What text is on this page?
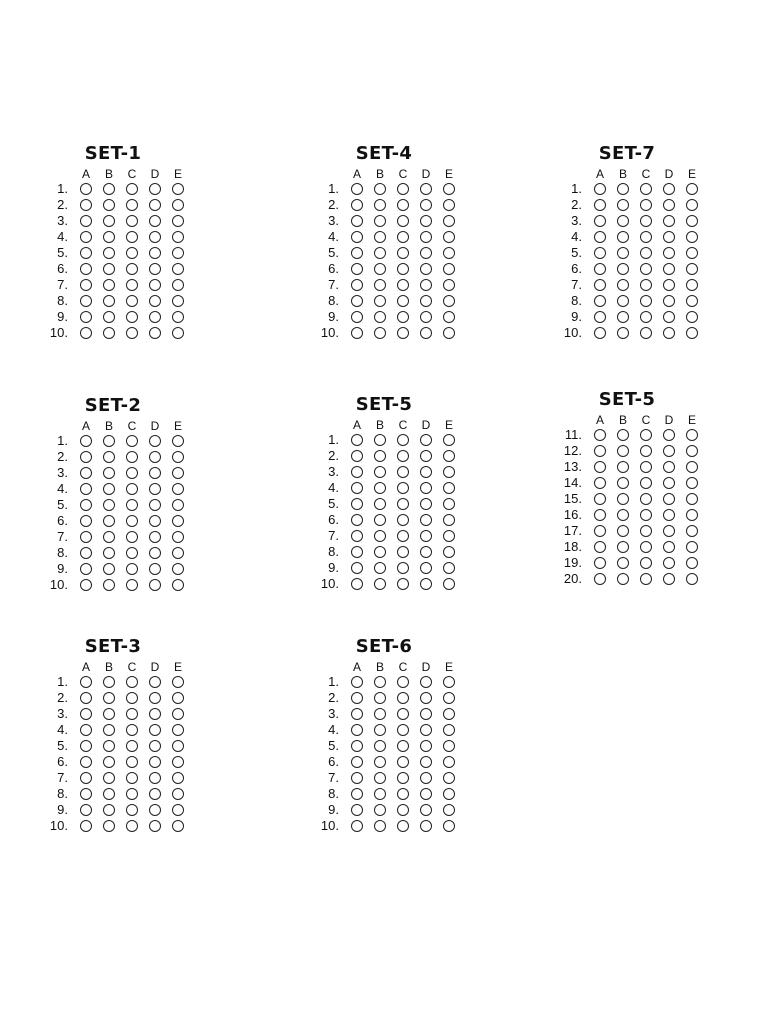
SET-1
A B C D E
1.
2.
3.
4.
5.
6.
7.
8.
9.
10.
SET-4
A B C D E
1.
2.
3.
4.
5.
6.
7.
8.
9.
10.
SET-7
A B C D E
1.
2.
3.
4.
5.
6.
7.
8.
9.
10.
SET-2
A B C D E
1.
2.
3.
4.
5.
6.
7.
8.
9.
10.
SET-5
A B C D E
1.
2.
3.
4.
5.
6.
7.
8.
9.
10.
SET-5
A B C D E
11.
12.
13.
14.
15.
16.
17.
18.
19.
20.
SET-3
A B C D E
1.
2.
3.
4.
5.
6.
7.
8.
9.
10.
SET-6
A B C D E
1.
2.
3.
4.
5.
6.
7.
8.
9.
10.
